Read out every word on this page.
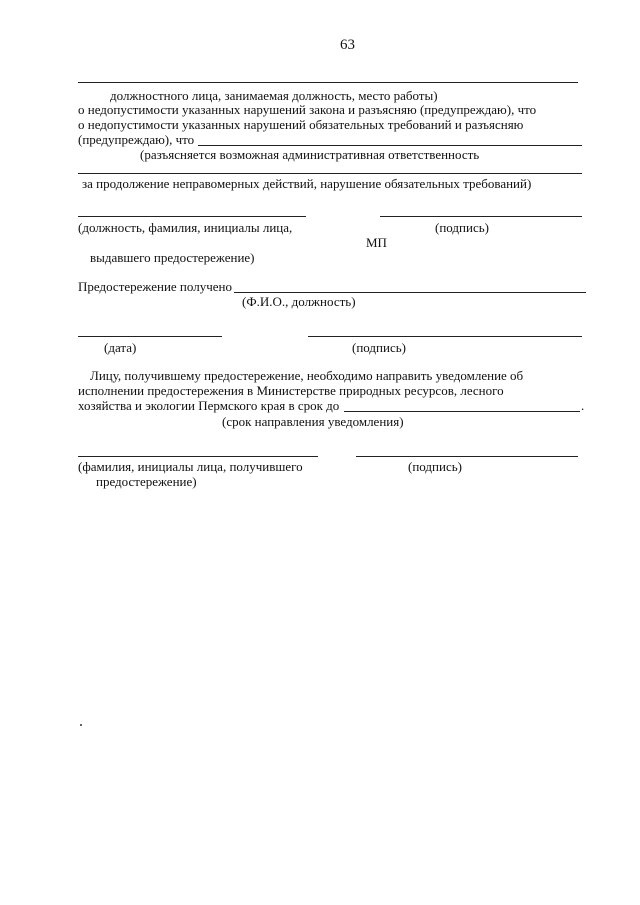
63
должностного лица, занимаемая должность, место работы)
о недопустимости указанных нарушений закона и разъясняю (предупреждаю), что
о недопустимости указанных нарушений обязательных требований и разъясняю
(предупреждаю), что
(разъясняется возможная административная ответственность
за продолжение неправомерных действий, нарушение обязательных требований)
(должность, фамилия, инициалы лица,	(подпись)
МП
выдавшего предостережение)
Предостережение получено
(Ф.И.О., должность)
(дата)	(подпись)
Лицу, получившему предостережение, необходимо направить уведомление об
исполнении предостережения в Министерстве природных ресурсов, лесного
хозяйства и экологии Пермского края в срок до	.
(срок направления уведомления)
(фамилия, инициалы лица, получившего	(подпись)
предостережение)
